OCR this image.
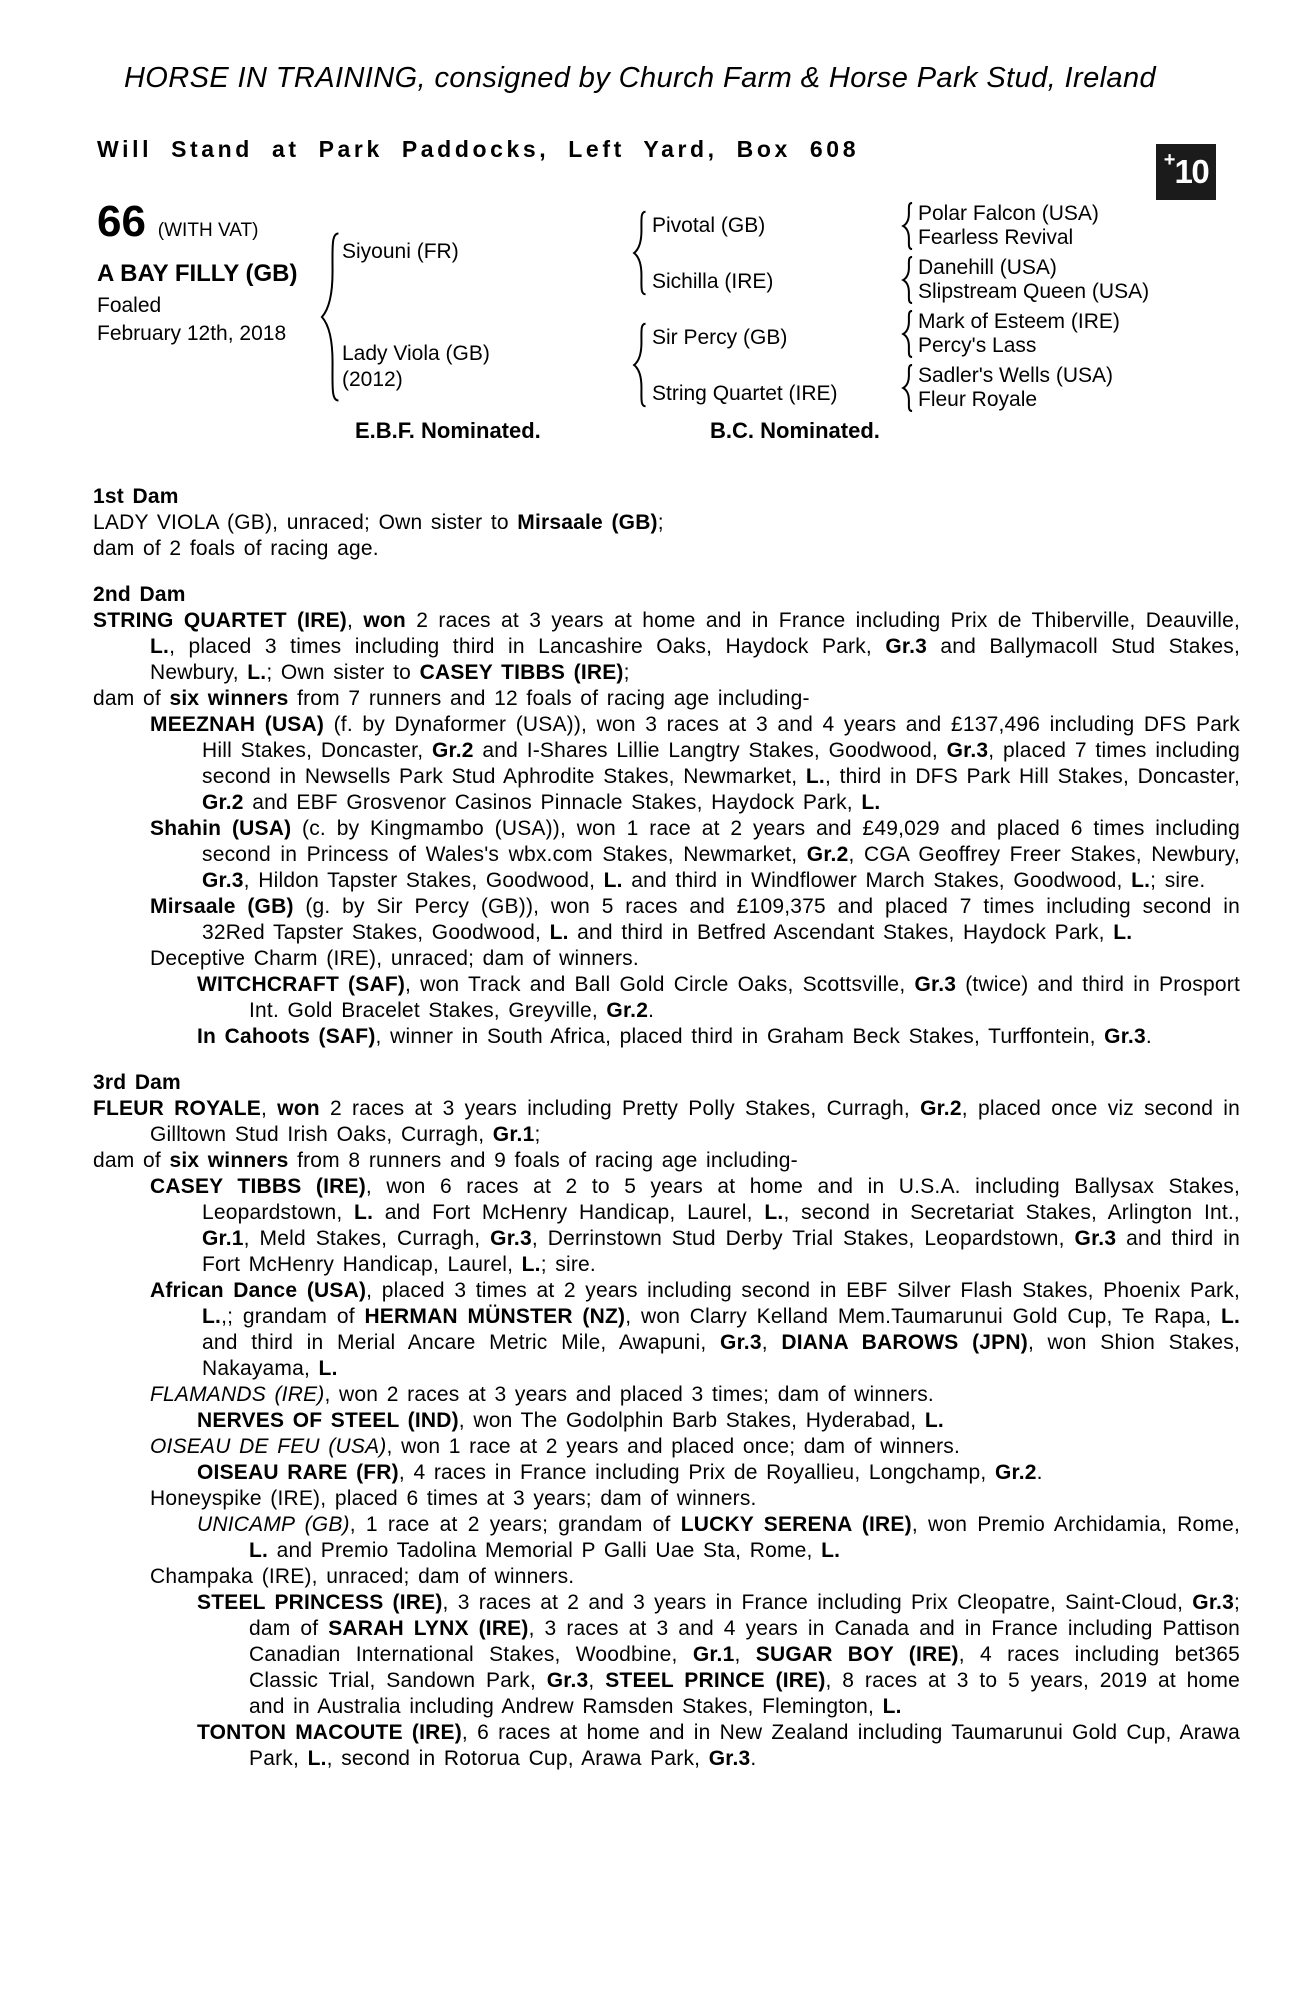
HORSE IN TRAINING, consigned by Church Farm & Horse Park Stud, Ireland
Will Stand at Park Paddocks, Left Yard, Box 608	+ 10
66 (WITH VAT)
A BAY FILLY (GB)
Foaled
February 12th, 2018
Siyouni (FR)
Lady Viola (GB)
(2012)
Pivotal (GB)
Sichilla (IRE)
Sir Percy (GB)
String Quartet (IRE)
Polar Falcon (USA)
Fearless Revival
Danehill (USA)
Slipstream Queen (USA)
Mark of Esteem (IRE)
Percy's Lass
Sadler's Wells (USA)
Fleur Royale
E.B.F. Nominated.	B.C. Nominated.
1st Dam

LADY VIOLA (GB), unraced; Own sister to Mirsaale (GB);

dam of 2 foals of racing age.

2nd Dam

STRING QUARTET (IRE), won 2 races at 3 years at home and in France including Prix de Thiberville, Deauville, L., placed 3 times including third in Lancashire Oaks, Haydock Park, Gr.3 and Ballymacoll Stud Stakes, Newbury, L.; Own sister to CASEY TIBBS (IRE);

dam of six winners from 7 runners and 12 foals of racing age including-

MEEZNAH (USA) (f. by Dynaformer (USA)), won 3 races at 3 and 4 years and £137,496 including DFS Park Hill Stakes, Doncaster, Gr.2 and I-Shares Lillie Langtry Stakes, Goodwood, Gr.3, placed 7 times including second in Newsells Park Stud Aphrodite Stakes, Newmarket, L., third in DFS Park Hill Stakes, Doncaster, Gr.2 and EBF Grosvenor Casinos Pinnacle Stakes, Haydock Park, L.

Shahin (USA) (c. by Kingmambo (USA)), won 1 race at 2 years and £49,029 and placed 6 times including second in Princess of Wales's wbx.com Stakes, Newmarket, Gr.2, CGA Geoffrey Freer Stakes, Newbury, Gr.3, Hildon Tapster Stakes, Goodwood, L. and third in Windflower March Stakes, Goodwood, L.; sire.

Mirsaale (GB) (g. by Sir Percy (GB)), won 5 races and £109,375 and placed 7 times including second in 32Red Tapster Stakes, Goodwood, L. and third in Betfred Ascendant Stakes, Haydock Park, L.

Deceptive Charm (IRE), unraced; dam of winners.

WITCHCRAFT (SAF), won Track and Ball Gold Circle Oaks, Scottsville, Gr.3 (twice) and third in Prosport Int. Gold Bracelet Stakes, Greyville, Gr.2.

In Cahoots (SAF), winner in South Africa, placed third in Graham Beck Stakes, Turffontein, Gr.3.

3rd Dam

FLEUR ROYALE, won 2 races at 3 years including Pretty Polly Stakes, Curragh, Gr.2, placed once viz second in Gilltown Stud Irish Oaks, Curragh, Gr.1;

dam of six winners from 8 runners and 9 foals of racing age including-

CASEY TIBBS (IRE), won 6 races at 2 to 5 years at home and in U.S.A. including Ballysax Stakes, Leopardstown, L. and Fort McHenry Handicap, Laurel, L., second in Secretariat Stakes, Arlington Int., Gr.1, Meld Stakes, Curragh, Gr.3, Derrinstown Stud Derby Trial Stakes, Leopardstown, Gr.3 and third in Fort McHenry Handicap, Laurel, L.; sire.

African Dance (USA), placed 3 times at 2 years including second in EBF Silver Flash Stakes, Phoenix Park, L.,; grandam of HERMAN MÜNSTER (NZ), won Clarry Kelland Mem.Taumarunui Gold Cup, Te Rapa, L. and third in Merial Ancare Metric Mile, Awapuni, Gr.3, DIANA BAROWS (JPN), won Shion Stakes, Nakayama, L.

FLAMANDS (IRE), won 2 races at 3 years and placed 3 times; dam of winners.

NERVES OF STEEL (IND), won The Godolphin Barb Stakes, Hyderabad, L.

OISEAU DE FEU (USA), won 1 race at 2 years and placed once; dam of winners.

OISEAU RARE (FR), 4 races in France including Prix de Royallieu, Longchamp, Gr.2.

Honeyspike (IRE), placed 6 times at 3 years; dam of winners.

UNICAMP (GB), 1 race at 2 years; grandam of LUCKY SERENA (IRE), won Premio Archidamia, Rome, L. and Premio Tadolina Memorial P Galli Uae Sta, Rome, L.

Champaka (IRE), unraced; dam of winners.

STEEL PRINCESS (IRE), 3 races at 2 and 3 years in France including Prix Cleopatre, Saint-Cloud, Gr.3; dam of SARAH LYNX (IRE), 3 races at 3 and 4 years in Canada and in France including Pattison Canadian International Stakes, Woodbine, Gr.1, SUGAR BOY (IRE), 4 races including bet365 Classic Trial, Sandown Park, Gr.3, STEEL PRINCE (IRE), 8 races at 3 to 5 years, 2019 at home and in Australia including Andrew Ramsden Stakes, Flemington, L.

TONTON MACOUTE (IRE), 6 races at home and in New Zealand including Taumarunui Gold Cup, Arawa Park, L., second in Rotorua Cup, Arawa Park, Gr.3.
